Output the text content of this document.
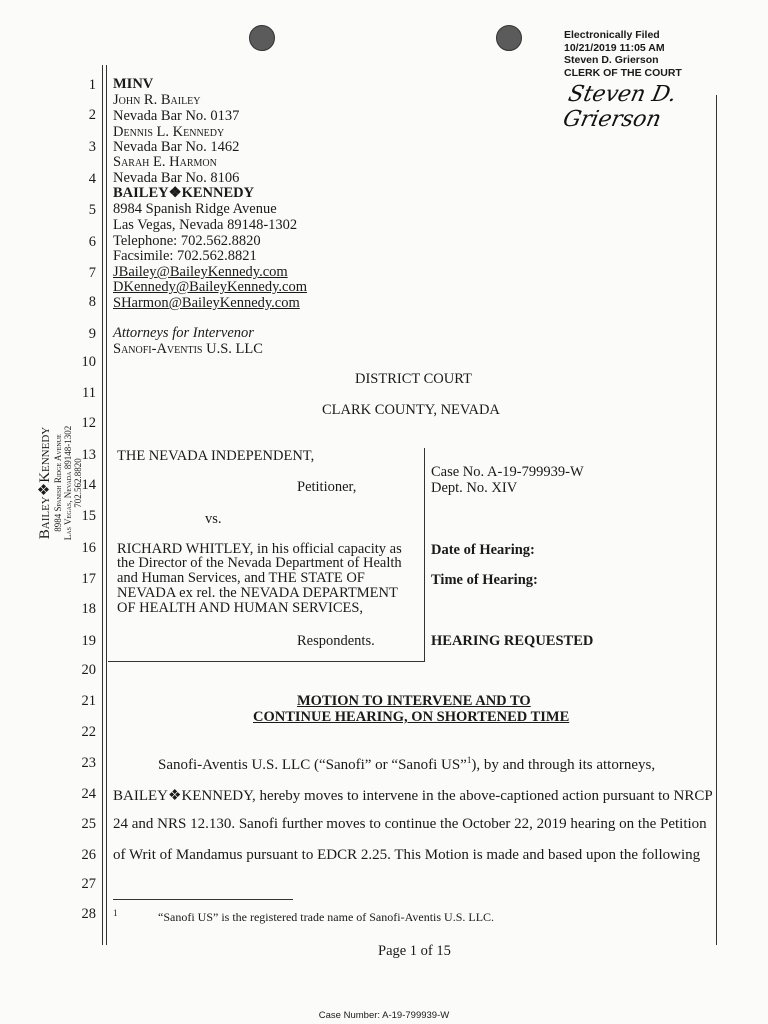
Electronically Filed
10/21/2019 11:05 AM
Steven D. Grierson
CLERK OF THE COURT
Steven D. Grierson
1
2
3
4
5
6
7
8
9
10
11
12
13
14
15
16
17
18
19
20
21
22
23
24
25
26
27
28
Bailey❖Kennedy 8984 Spanish Ridge Avenue Las Vegas, Nevada 89148-1302 702.562.8820
MINV
John R. Bailey
Nevada Bar No. 0137
Dennis L. Kennedy
Nevada Bar No. 1462
Sarah E. Harmon
Nevada Bar No. 8106
BAILEY❖KENNEDY
8984 Spanish Ridge Avenue
Las Vegas, Nevada 89148-1302
Telephone: 702.562.8820
Facsimile: 702.562.8821
JBailey@BaileyKennedy.com
DKennedy@BaileyKennedy.com
SHarmon@BaileyKennedy.com
Attorneys for Intervenor
Sanofi-Aventis U.S. LLC
DISTRICT COURT
CLARK COUNTY, NEVADA
THE NEVADA INDEPENDENT,
Petitioner,
vs.
RICHARD WHITLEY, in his official capacity as
the Director of the Nevada Department of Health
and Human Services, and THE STATE OF
NEVADA ex rel. the NEVADA DEPARTMENT
OF HEALTH AND HUMAN SERVICES,
Respondents.
Case No. A-19-799939-W
Dept. No. XIV
Date of Hearing:
Time of Hearing:
HEARING REQUESTED
MOTION TO INTERVENE AND TO
CONTINUE HEARING, ON SHORTENED TIME
Sanofi-Aventis U.S. LLC (“Sanofi” or “Sanofi US”$^1$), by and through its attorneys,
BAILEY❖KENNEDY, hereby moves to intervene in the above-captioned action pursuant to NRCP
24 and NRS 12.130. Sanofi further moves to continue the October 22, 2019 hearing on the Petition
of Writ of Mandamus pursuant to EDCR 2.25. This Motion is made and based upon the following
1	“Sanofi US” is the registered trade name of Sanofi-Aventis U.S. LLC.
Page 1 of 15
Case Number: A-19-799939-W
